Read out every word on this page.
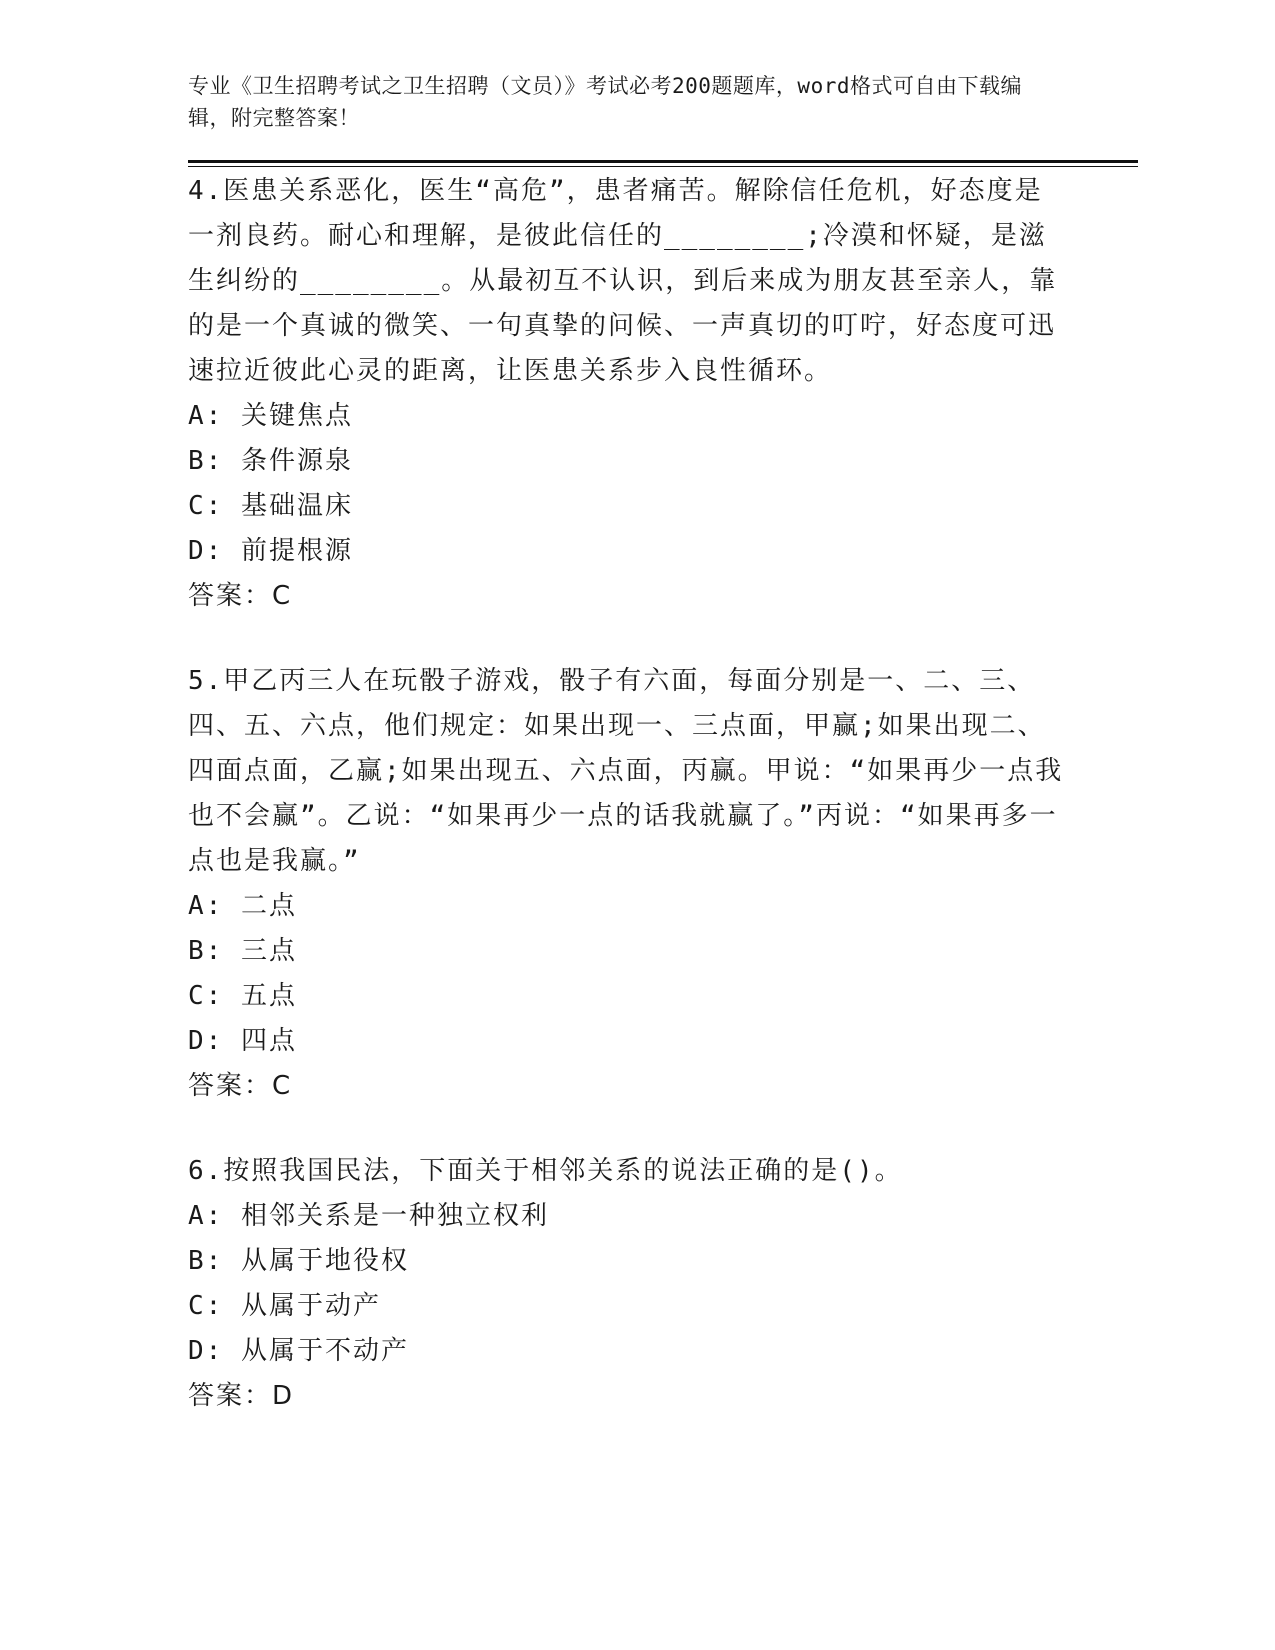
专业《卫生招聘考试之卫生招聘（文员）》考试必考200题题库，word格式可自由下载编辑，附完整答案！
4.医患关系恶化，医生“高危”，患者痛苦。解除信任危机，好态度是一剂良药。耐心和理解，是彼此信任的________;冷漠和怀疑，是滋生纠纷的________。从最初互不认识，到后来成为朋友甚至亲人，靠的是一个真诚的微笑、一句真挚的问候、一声真切的叮咛，好态度可迅速拉近彼此心灵的距离，让医患关系步入良性循环。
A: 关键焦点
B: 条件源泉
C: 基础温床
D: 前提根源
答案：C
5.甲乙丙三人在玩骰子游戏，骰子有六面，每面分别是一、二、三、四、五、六点，他们规定：如果出现一、三点面，甲赢;如果出现二、四面点面，乙赢;如果出现五、六点面，丙赢。甲说：“如果再少一点我也不会赢”。乙说：“如果再少一点的话我就赢了。”丙说：“如果再多一点也是我赢。”
A: 二点
B: 三点
C: 五点
D: 四点
答案：C
6.按照我国民法，下面关于相邻关系的说法正确的是()。
A: 相邻关系是一种独立权利
B: 从属于地役权
C: 从属于动产
D: 从属于不动产
答案：D
